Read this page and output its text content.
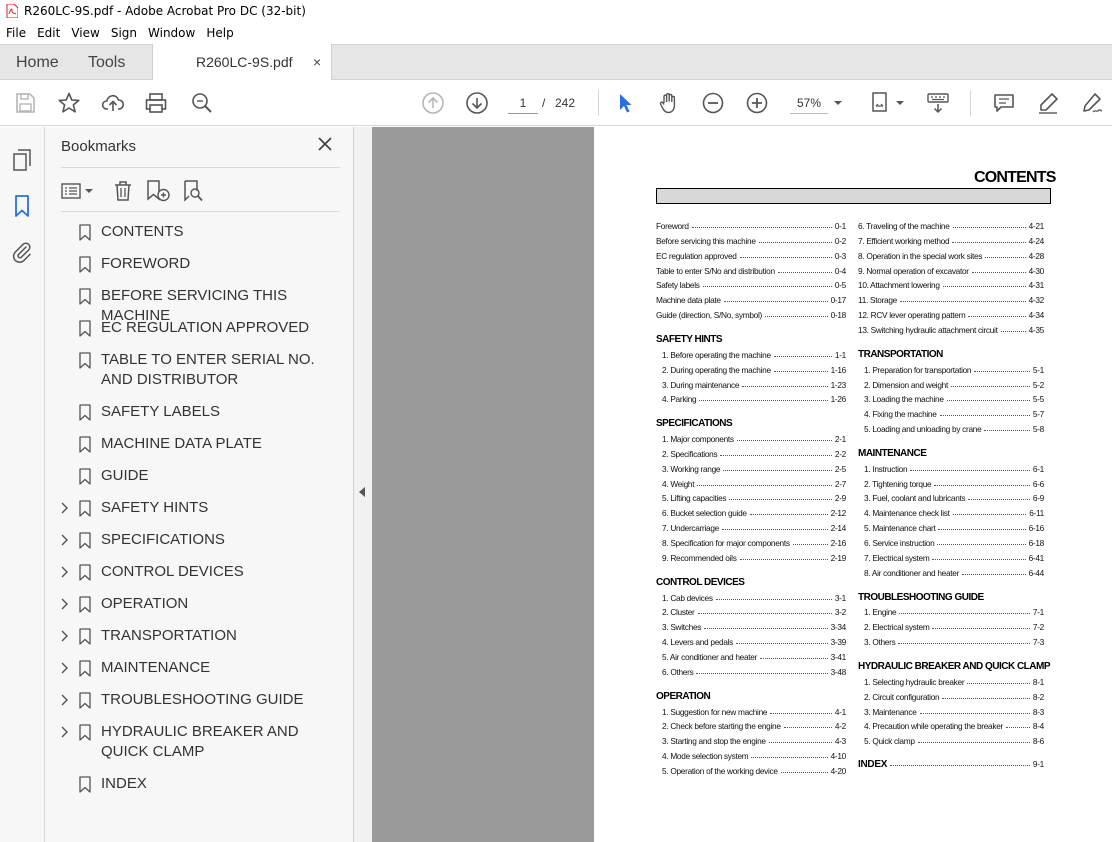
R260LC-9S.pdf - Adobe Acrobat Pro DC (32-bit)
File Edit View Sign Window Help
Home Tools	R260LC-9S.pdf ×
1	/ 242	57%
Bookmarks
CONTENTS
FOREWORD
BEFORE SERVICING THIS MACHINE
EC REGULATION APPROVED
TABLE TO ENTER SERIAL NO. AND DISTRIBUTOR
SAFETY LABELS
MACHINE DATA PLATE
GUIDE
SAFETY HINTS
SPECIFICATIONS
CONTROL DEVICES
OPERATION
TRANSPORTATION
MAINTENANCE
TROUBLESHOOTING GUIDE
HYDRAULIC BREAKER AND QUICK CLAMP
INDEX
CONTENTS
Foreword	0-1
Before servicing this machine	0-2
EC regulation approved	0-3
Table to enter S/No and distribution	0-4
Safety labels	0-5
Machine data plate	0-17
Guide (direction, S/No, symbol)	0-18
SAFETY HINTS
1. Before operating the machine	1-1
2. During operating the machine	1-16
3. During maintenance	1-23
4. Parking	1-26
SPECIFICATIONS
1. Major components	2-1
2. Specifications	2-2
3. Working range	2-5
4. Weight	2-7
5. Lifting capacities	2-9
6. Bucket selection guide	2-12
7. Undercarriage	2-14
8. Specification for major components	2-16
9. Recommended oils	2-19
CONTROL DEVICES
1. Cab devices	3-1
2. Cluster	3-2
3. Switches	3-34
4. Levers and pedals	3-39
5. Air conditioner and heater	3-41
6. Others	3-48
OPERATION
1. Suggestion for new machine	4-1
2. Check before starting the engine	4-2
3. Starting and stop the engine	4-3
4. Mode selection system	4-10
5. Operation of the working device	4-20
6. Traveling of the machine	4-21
7. Efficient working method	4-24
8. Operation in the special work sites	4-28
9. Normal operation of excavator	4-30
10. Attachment lowering	4-31
11. Storage	4-32
12. RCV lever operating pattern	4-34
13. Switching hydraulic attachment circuit	4-35
TRANSPORTATION
1. Preparation for transportation	5-1
2. Dimension and weight	5-2
3. Loading the machine	5-5
4. Fixing the machine	5-7
5. Loading and unloading by crane	5-8
MAINTENANCE
1. Instruction	6-1
2. Tightening torque	6-6
3. Fuel, coolant and lubricants	6-9
4. Maintenance check list	6-11
5. Maintenance chart	6-16
6. Service instruction	6-18
7. Electrical system	6-41
8. Air conditioner and heater	6-44
TROUBLESHOOTING GUIDE
1. Engine	7-1
2. Electrical system	7-2
3. Others	7-3
HYDRAULIC BREAKER AND QUICK CLAMP
1. Selecting hydraulic breaker	8-1
2. Circuit configuration	8-2
3. Maintenance	8-3
4. Precaution while operating the breaker	8-4
5. Quick clamp	8-6
INDEX	9-1
